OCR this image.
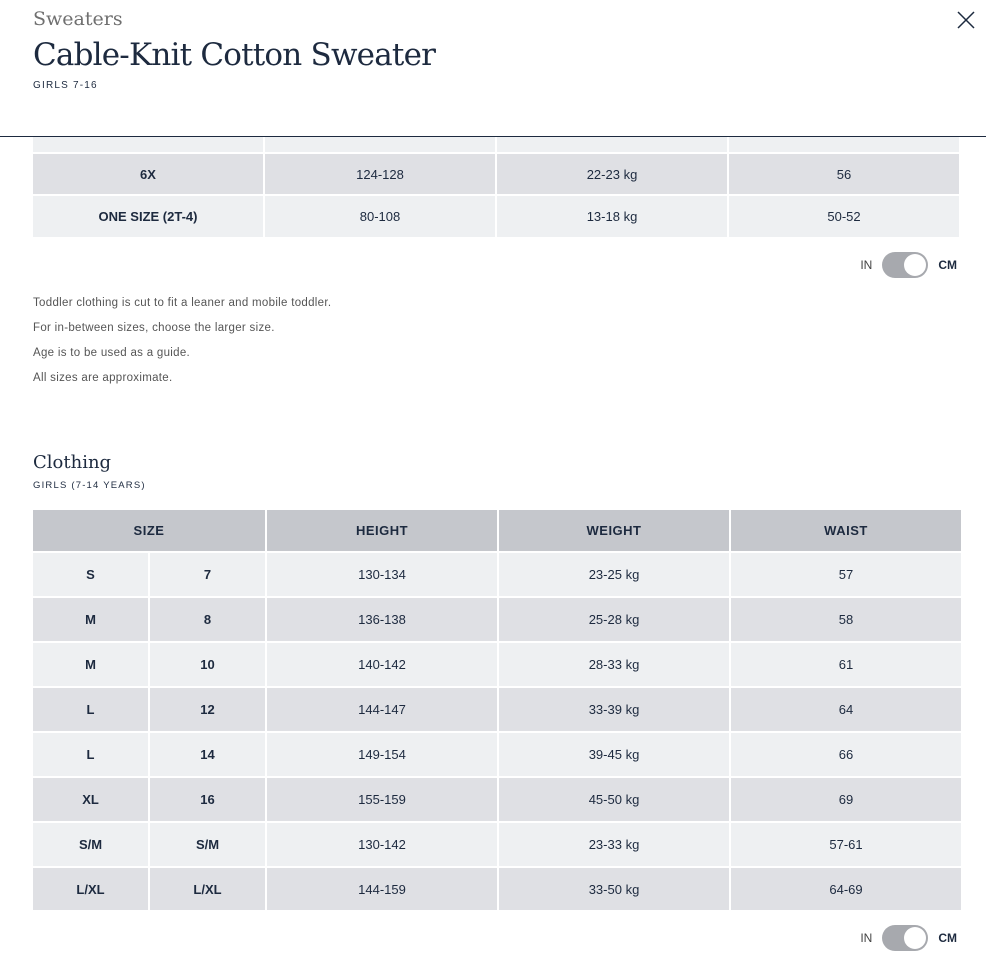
Sweaters
Cable-Knit Cotton Sweater
GIRLS 7-16

6X	124-128	22-23 kg	56
ONE SIZE (2T-4)	80-108	13-18 kg	50-52
IN	CM

Toddler clothing is cut to fit a leaner and mobile toddler.

For in-between sizes, choose the larger size.

Age is to be used as a guide.

All sizes are approximate.

Clothing
GIRLS (7-14 YEARS)
SIZE		HEIGHT	WEIGHT	WAIST
S	7	130-134	23-25 kg	57
M	8	136-138	25-28 kg	58
M	10	140-142	28-33 kg	61
L	12	144-147	33-39 kg	64
L	14	149-154	39-45 kg	66
XL	16	155-159	45-50 kg	69
S/M	S/M	130-142	23-33 kg	57-61
L/XL	L/XL	144-159	33-50 kg	64-69
IN	CM
